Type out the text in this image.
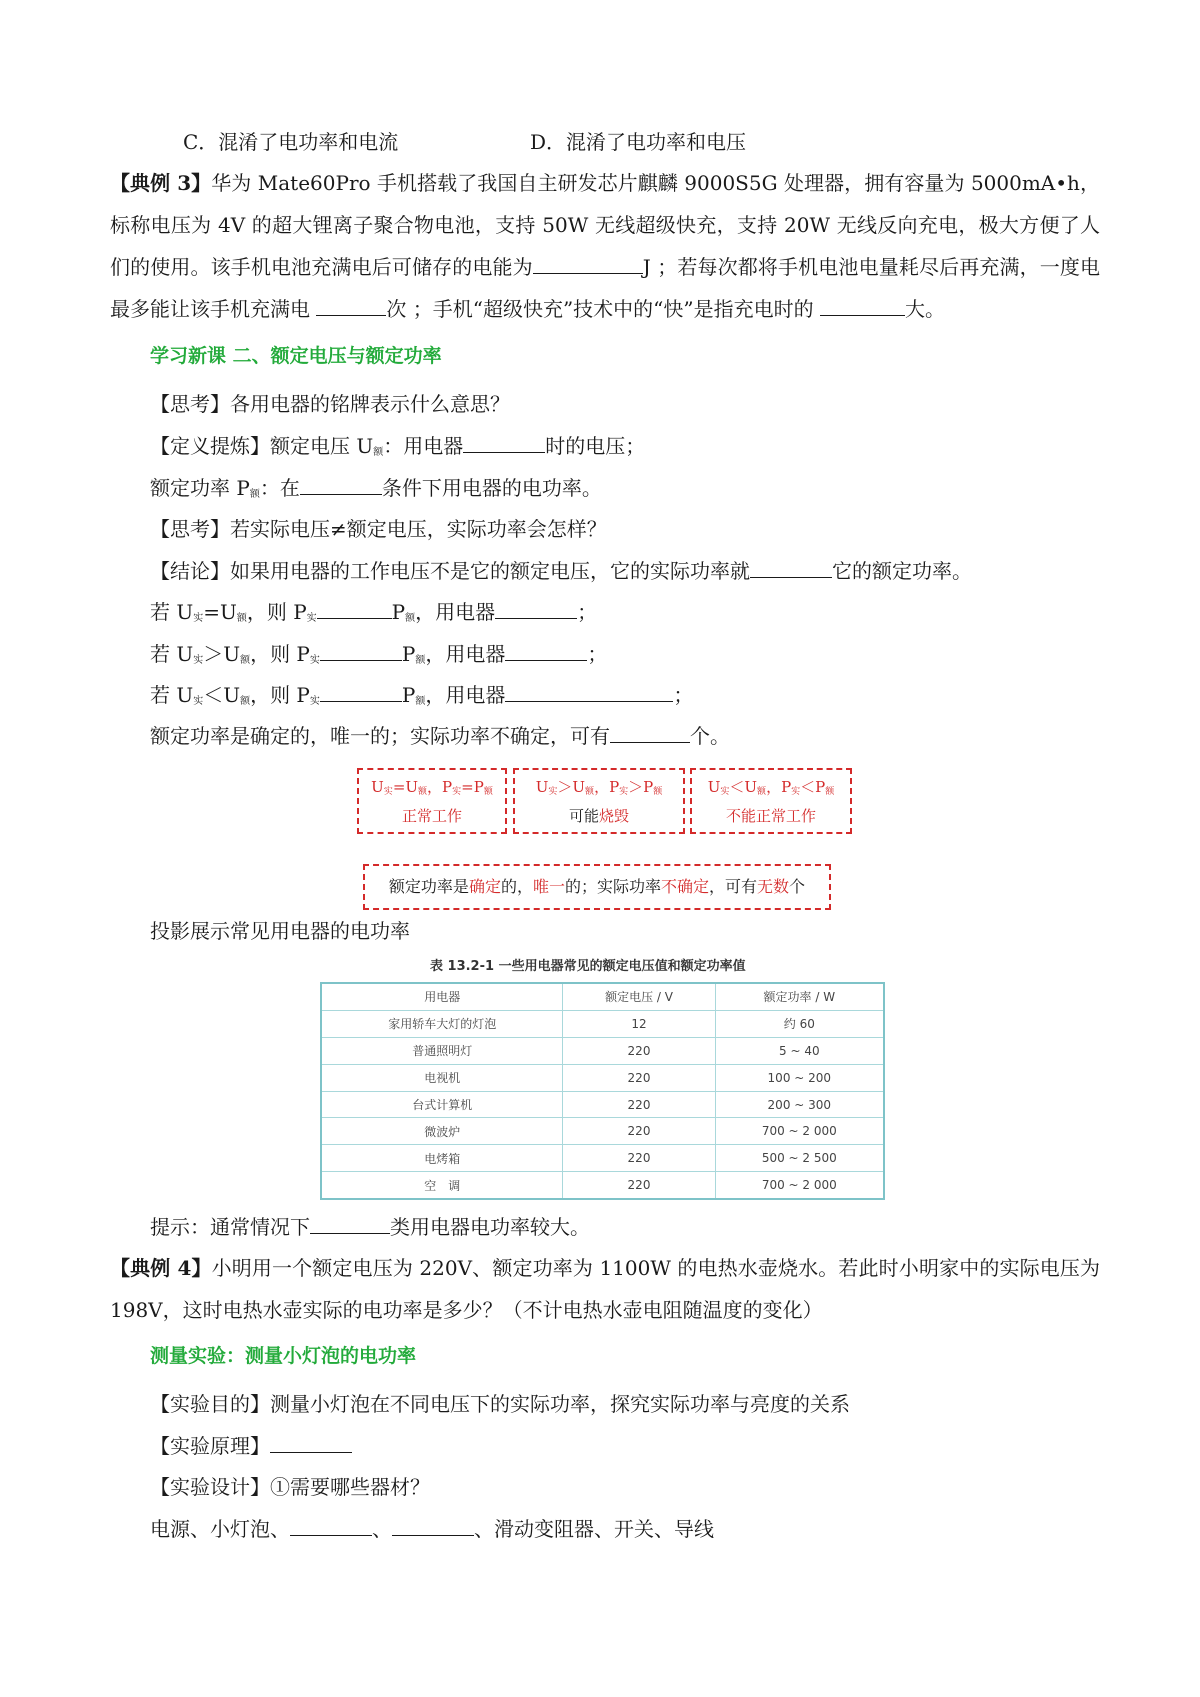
C．混淆了电功率和电流	D．混淆了电功率和电压
【典例 3】华为 Mate60Pro 手机搭载了我国自主研发芯片麒麟 9000S5G 处理器，拥有容量为 5000mA•h，标称电压为 4V 的超大锂离子聚合物电池，支持 50W 无线超级快充，支持 20W 无线反向充电，极大方便了人们的使用。该手机电池充满电后可储存的电能为	J ；若每次都将手机电池电量耗尽后再充满，一度电最多能让该手机充满电	次 ；手机“超级快充”技术中的“快”是指充电时的	大。
学习新课 二、额定电压与额定功率
【思考】各用电器的铭牌表示什么意思？
【定义提炼】额定电压 $U_额$：用电器	时的电压；
额定功率 $P_额$：在	条件下用电器的电功率。
【思考】若实际电压≠额定电压，实际功率会怎样？
【结论】如果用电器的工作电压不是它的额定电压，它的实际功率就	它的额定功率。
若 $U_实=U_额$，则 $P_实$	$P_额$，用电器	；
若 $U_实>U_额$，则 $P_实$	$P_额$，用电器	；
若 $U_实<U_额$，则 $P_实$	$P_额$，用电器	；
额定功率是确定的，唯一的；实际功率不确定，可有	个。
U实=U额，P实=P额
正常工作
U实＞U额，P实＞P额
可能烧毁
U实＜U额，P实＜P额
不能正常工作
额定功率是确定的，唯一的；实际功率不确定，可有无数个
投影展示常见用电器的电功率
表 13.2-1 一些用电器常见的额定电压值和额定功率值
用电器	额定电压 / V	额定功率 / W
家用轿车大灯的灯泡	12	约 60
普通照明灯	220	5 ~ 40
电视机	220	100 ~ 200
台式计算机	220	200 ~ 300
微波炉	220	700 ~ 2 000
电烤箱	220	500 ~ 2 500
空　调	220	700 ~ 2 000
提示：通常情况下	类用电器电功率较大。
【典例 4】小明用一个额定电压为 220V、额定功率为 1100W 的电热水壶烧水。若此时小明家中的实际电压为 198V，这时电热水壶实际的电功率是多少？（不计电热水壶电阻随温度的变化）
测量实验：测量小灯泡的电功率
【实验目的】测量小灯泡在不同电压下的实际功率，探究实际功率与亮度的关系
【实验原理】
【实验设计】①需要哪些器材？
电源、小灯泡、	、	、滑动变阻器、开关、导线
